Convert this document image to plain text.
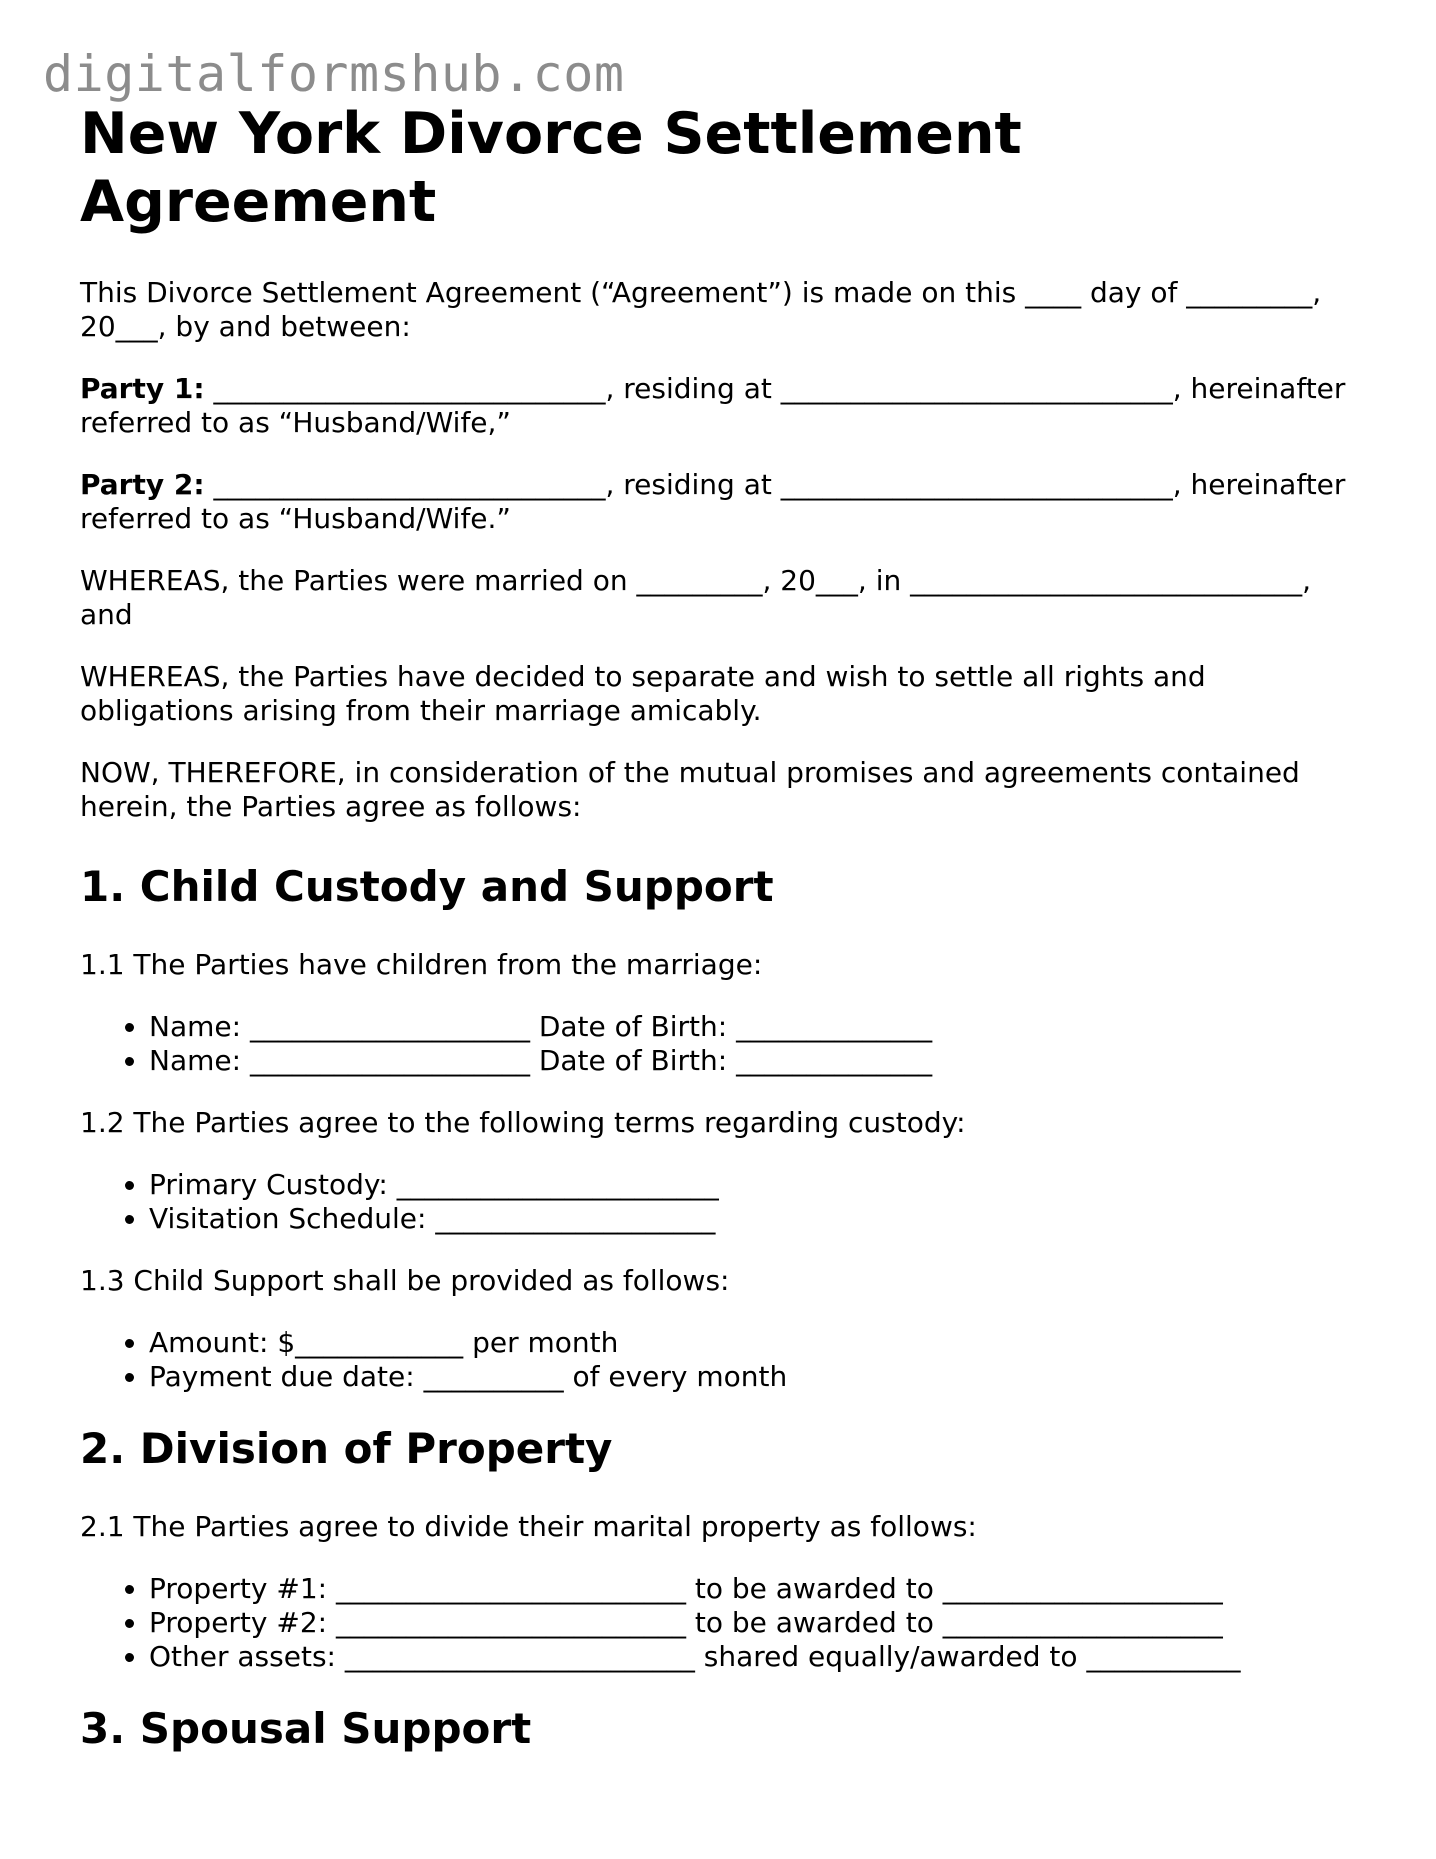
digitalformshub.com
New York Divorce Settlement Agreement

This Divorce Settlement Agreement (“Agreement”) is made on this ____ day of _________, 20___, by and between:

Party 1: ____________________________, residing at ____________________________, hereinafter referred to as “Husband/Wife,”

Party 2: ____________________________, residing at ____________________________, hereinafter referred to as “Husband/Wife.”

WHEREAS, the Parties were married on _________, 20___, in ____________________________, and

WHEREAS, the Parties have decided to separate and wish to settle all rights and obligations arising from their marriage amicably.

NOW, THEREFORE, in consideration of the mutual promises and agreements contained herein, the Parties agree as follows:

1. Child Custody and Support

1.1 The Parties have children from the marriage:

• Name: ____________________ Date of Birth: ______________
• Name: ____________________ Date of Birth: ______________

1.2 The Parties agree to the following terms regarding custody:

• Primary Custody: _______________________
• Visitation Schedule: ____________________

1.3 Child Support shall be provided as follows:

• Amount: $____________ per month
• Payment due date: __________ of every month
2. Division of Property

2.1 The Parties agree to divide their marital property as follows:

• Property #1: _________________________ to be awarded to ____________________
• Property #2: _________________________ to be awarded to ____________________
• Other assets: _________________________ shared equally/awarded to ___________
3. Spousal Support
